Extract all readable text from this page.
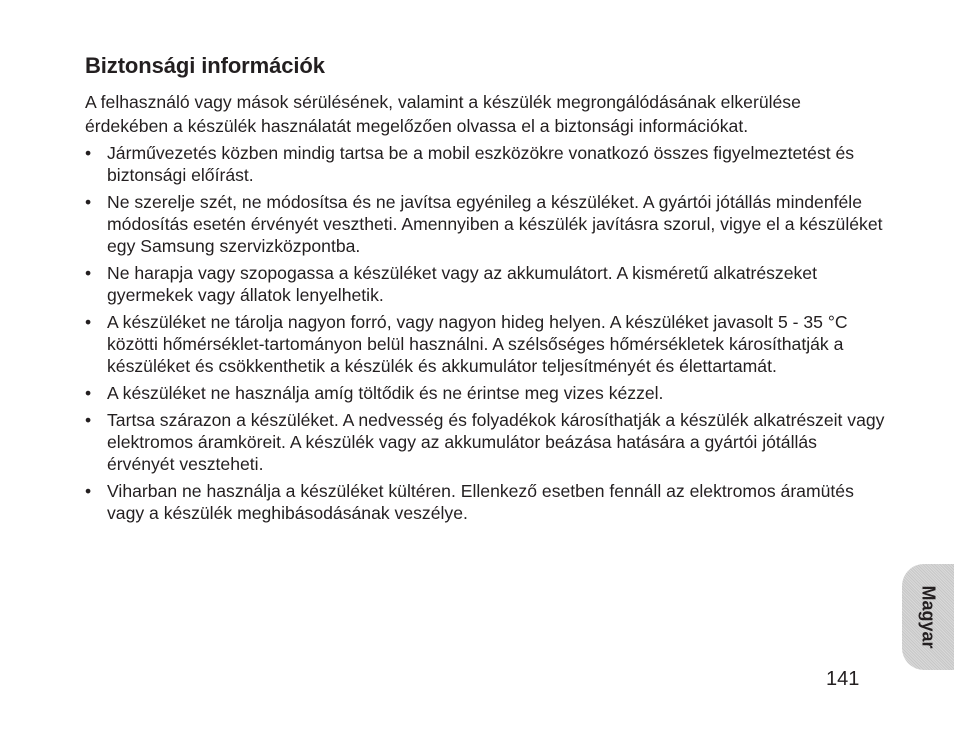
Biztonsági információk

A felhasználó vagy mások sérülésének, valamint a készülék megrongálódásának elkerülése érdekében a készülék használatát megelőzően olvassa el a biztonsági információkat.

• Járművezetés közben mindig tartsa be a mobil eszközökre vonatkozó összes figyelmeztetést és biztonsági előírást.
• Ne szerelje szét, ne módosítsa és ne javítsa egyénileg a készüléket. A gyártói jótállás mindenféle módosítás esetén érvényét vesztheti. Amennyiben a készülék javításra szorul, vigye el a készüléket egy Samsung szervizközpontba.
• Ne harapja vagy szopogassa a készüléket vagy az akkumulátort. A kisméretű alkatrészeket gyermekek vagy állatok lenyelhetik.
• A készüléket ne tárolja nagyon forró, vagy nagyon hideg helyen. A készüléket javasolt 5 - 35 °C közötti hőmérséklet-tartományon belül használni. A szélsőséges hőmérsékletek károsíthatják a készüléket és csökkenthetik a készülék és akkumulátor teljesítményét és élettartamát.
• A készüléket ne használja amíg töltődik és ne érintse meg vizes kézzel.
• Tartsa szárazon a készüléket. A nedvesség és folyadékok károsíthatják a készülék alkatrészeit vagy elektromos áramköreit. A készülék vagy az akkumulátor beázása hatására a gyártói jótállás érvényét veszteheti.
• Viharban ne használja a készüléket kültéren. Ellenkező esetben fennáll az elektromos áramütés vagy a készülék meghibásodásának veszélye.
Magyar
141
